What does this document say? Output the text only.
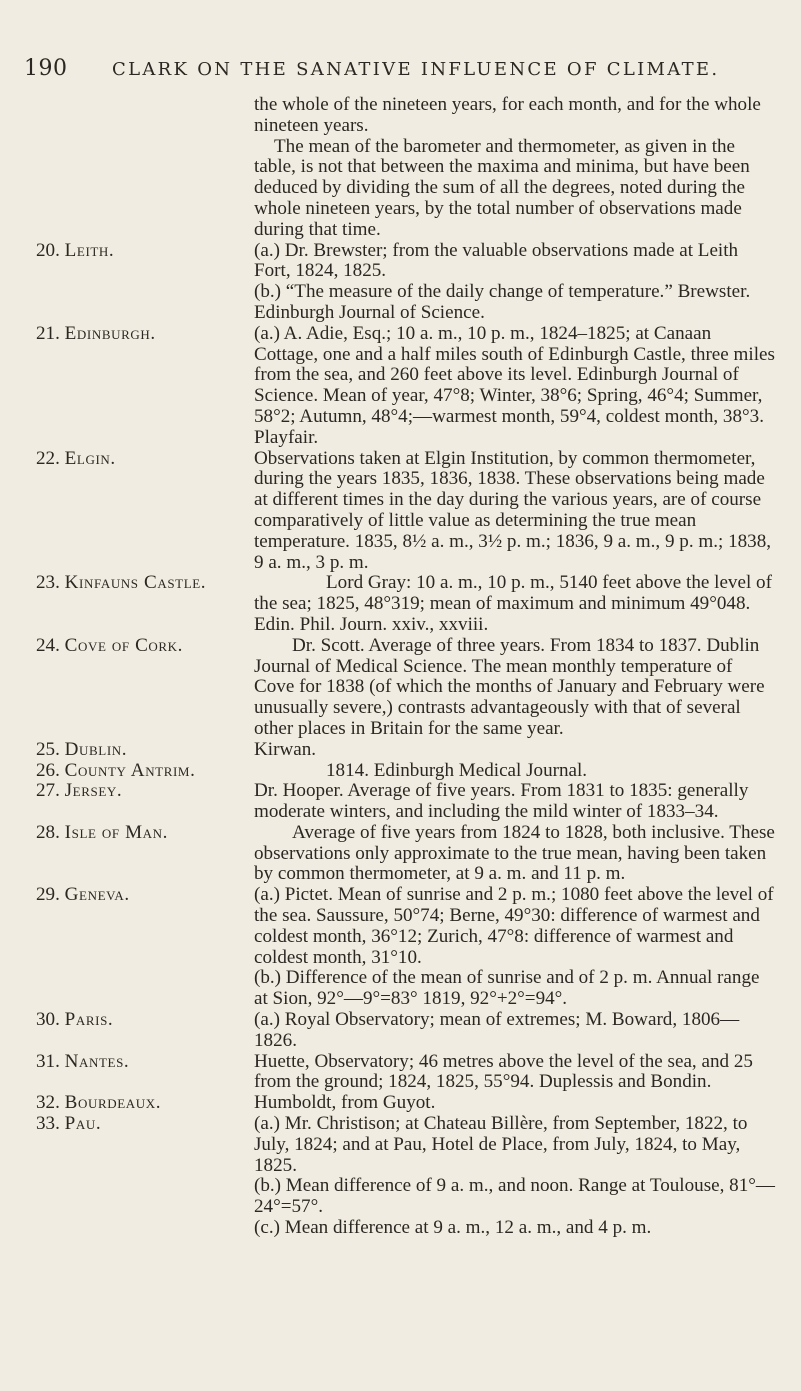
190 CLARK ON THE SANATIVE INFLUENCE OF CLIMATE.

the whole of the nineteen years, for each month, and for the whole nineteen years.

The mean of the barometer and thermometer, as given in the table, is not that between the maxima and minima, but have been deduced by dividing the sum of all the degrees, noted during the whole nineteen years, by the total number of observations made during that time.

20. Leith.	(a.) Dr. Brewster; from the valuable observations made at Leith Fort, 1824, 1825.
(b.) “The measure of the daily change of temperature.” Brewster. Edinburgh Journal of Science.
21. Edinburgh.	(a.) A. Adie, Esq.; 10 a. m., 10 p. m., 1824–1825; at Canaan Cottage, one and a half miles south of Edinburgh Castle, three miles from the sea, and 260 feet above its level. Edinburgh Journal of Science. Mean of year, 47°8; Winter, 38°6; Spring, 46°4; Summer, 58°2; Autumn, 48°4;—warmest month, 59°4, coldest month, 38°3. Playfair.
22. Elgin.	Observations taken at Elgin Institution, by common thermometer, during the years 1835, 1836, 1838. These observations being made at different times in the day during the various years, are of course comparatively of little value as determining the true mean temperature. 1835, 8½ a. m., 3½ p. m.; 1836, 9 a. m., 9 p. m.; 1838, 9 a. m., 3 p. m.
23. Kinfauns Castle.	Lord Gray: 10 a. m., 10 p. m., 5140 feet above the level of the sea; 1825, 48°319; mean of maximum and minimum 49°048. Edin. Phil. Journ. xxiv., xxviii.
24. Cove of Cork.	Dr. Scott. Average of three years. From 1834 to 1837. Dublin Journal of Medical Science. The mean monthly temperature of Cove for 1838 (of which the months of January and February were unusually severe,) contrasts advantageously with that of several other places in Britain for the same year.
25. Dublin.	Kirwan.
26. County Antrim.	1814. Edinburgh Medical Journal.
27. Jersey.	Dr. Hooper. Average of five years. From 1831 to 1835: generally moderate winters, and including the mild winter of 1833–34.
28. Isle of Man.	Average of five years from 1824 to 1828, both inclusive. These observations only approximate to the true mean, having been taken by common thermometer, at 9 a. m. and 11 p. m.
29. Geneva.	(a.) Pictet. Mean of sunrise and 2 p. m.; 1080 feet above the level of the sea. Saussure, 50°74; Berne, 49°30: difference of warmest and coldest month, 36°12; Zurich, 47°8: difference of warmest and coldest month, 31°10.
(b.) Difference of the mean of sunrise and of 2 p. m. Annual range at Sion, 92°—9°=83° 1819, 92°+2°=94°.
30. Paris.	(a.) Royal Observatory; mean of extremes; M. Boward, 1806—1826.
31. Nantes.	Huette, Observatory; 46 metres above the level of the sea, and 25 from the ground; 1824, 1825, 55°94. Duplessis and Bondin.
32. Bourdeaux.	Humboldt, from Guyot.
33. Pau.	(a.) Mr. Christison; at Chateau Billère, from September, 1822, to July, 1824; and at Pau, Hotel de Place, from July, 1824, to May, 1825.
(b.) Mean difference of 9 a. m., and noon. Range at Toulouse, 81°—24°=57°.
(c.) Mean difference at 9 a. m., 12 a. m., and 4 p. m.
